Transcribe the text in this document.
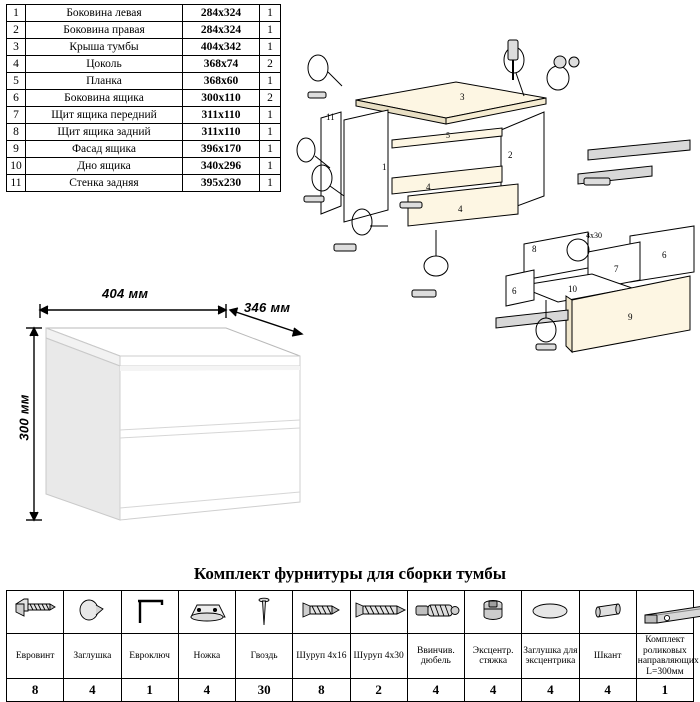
1	Боковина левая	284х324	1
2	Боковина правая	284х324	1
3	Крыша тумбы	404х342	1
4	Цоколь	368х74	2
5	Планка	368х60	1
6	Боковина ящика	300х110	2
7	Щит ящика передний	311х110	1
8	Щит ящика задний	311х110	1
9	Фасад ящика	396х170	1
10	Дно ящика	340х296	1
11	Стенка задняя	395х230	1
3
1
2
11
5
4
4
6
8
7
10
6
9
4х30
404 мм
346 мм
300 мм
Комплект фурнитуры для сборки тумбы

Еврoвинт	Заглушка	Еврoключ	Ножка	Гвоздь	Шуруп 4х16	Шуруп 4х30	Ввинчив. дюбель	Эксцентр. стяжка	Заглушка для эксцентрика	Шкант	Комплект роликовых направляющих L=300мм
8	4	1	4	30	8	2	4	4	4	4	1
